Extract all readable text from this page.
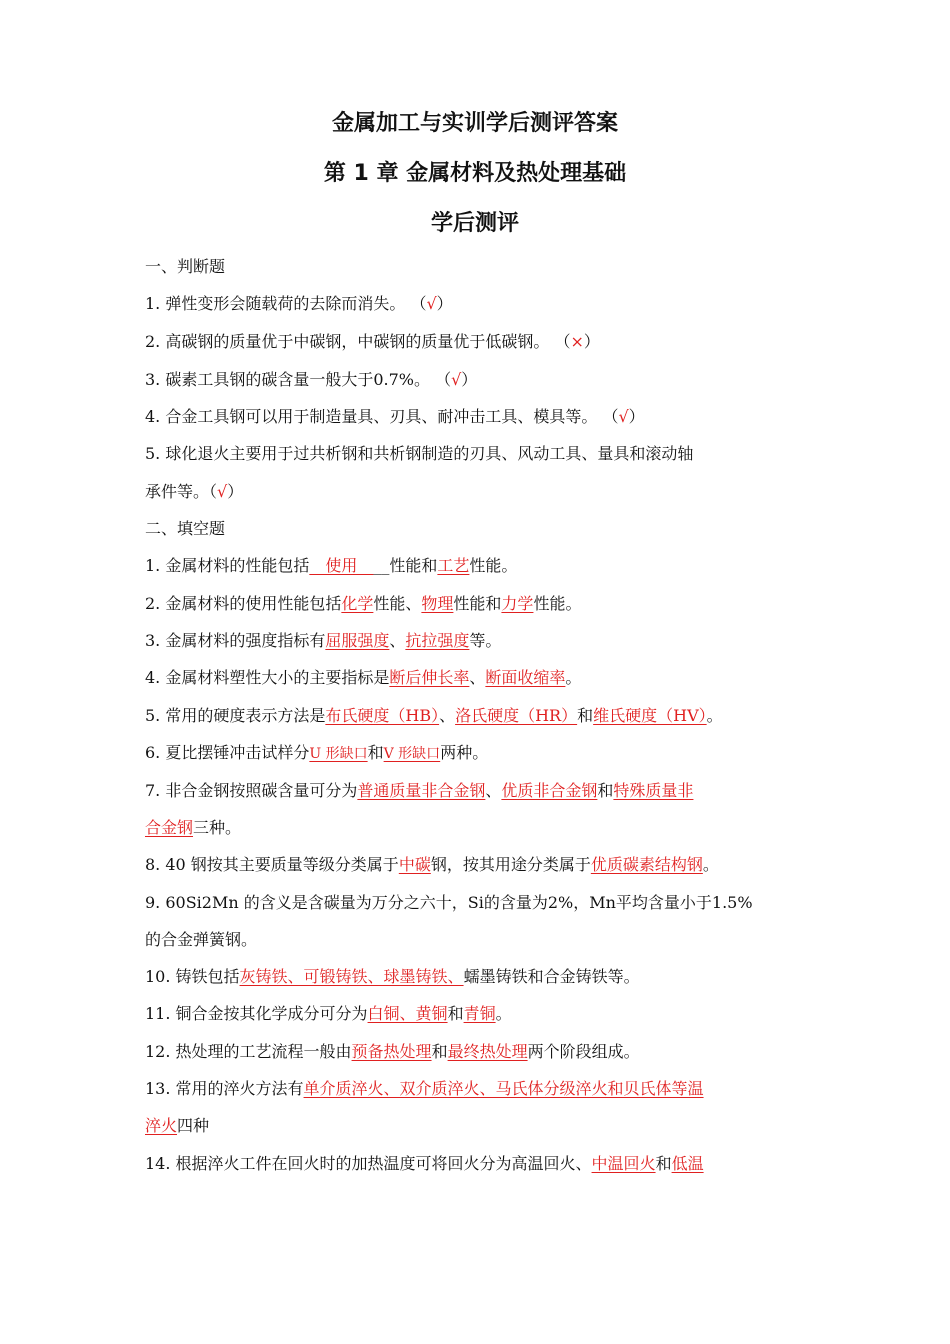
金属加工与实训学后测评答案
第 1 章 金属材料及热处理基础
学后测评
一、判断题
1. 弹性变形会随载荷的去除而消失。 （√）
2. 高碳钢的质量优于中碳钢，中碳钢的质量优于低碳钢。 （×）
3. 碳素工具钢的碳含量一般大于0.7%。 （√）
4. 合金工具钢可以用于制造量具、刃具、耐冲击工具、模具等。 （√）
5. 球化退火主要用于过共析钢和共析钢制造的刃具、风动工具、量具和滚动轴
承件等。（√）
二、填空题
1. 金属材料的性能包括__使用____性能和工艺性能。
2. 金属材料的使用性能包括化学性能、物理性能和力学性能。
3. 金属材料的强度指标有屈服强度、抗拉强度等。
4. 金属材料塑性大小的主要指标是断后伸长率、断面收缩率。
5. 常用的硬度表示方法是布氏硬度（HB）、洛氏硬度（HR）和维氏硬度（HV）。
6. 夏比摆锤冲击试样分U 形缺口和V 形缺口两种。
7. 非合金钢按照碳含量可分为普通质量非合金钢、优质非合金钢和特殊质量非
合金钢三种。
8. 40 钢按其主要质量等级分类属于中碳钢，按其用途分类属于优质碳素结构钢。
9. 60Si2Mn 的含义是含碳量为万分之六十，Si的含量为2%，Mn平均含量小于1.5%
的合金弹簧钢。
10. 铸铁包括灰铸铁、可锻铸铁、球墨铸铁、蠕墨铸铁和合金铸铁等。
11. 铜合金按其化学成分可分为白铜、黄铜和青铜。
12. 热处理的工艺流程一般由预备热处理和最终热处理两个阶段组成。
13. 常用的淬火方法有单介质淬火、双介质淬火、马氏体分级淬火和贝氏体等温
淬火四种
14. 根据淬火工件在回火时的加热温度可将回火分为高温回火、中温回火和低温
